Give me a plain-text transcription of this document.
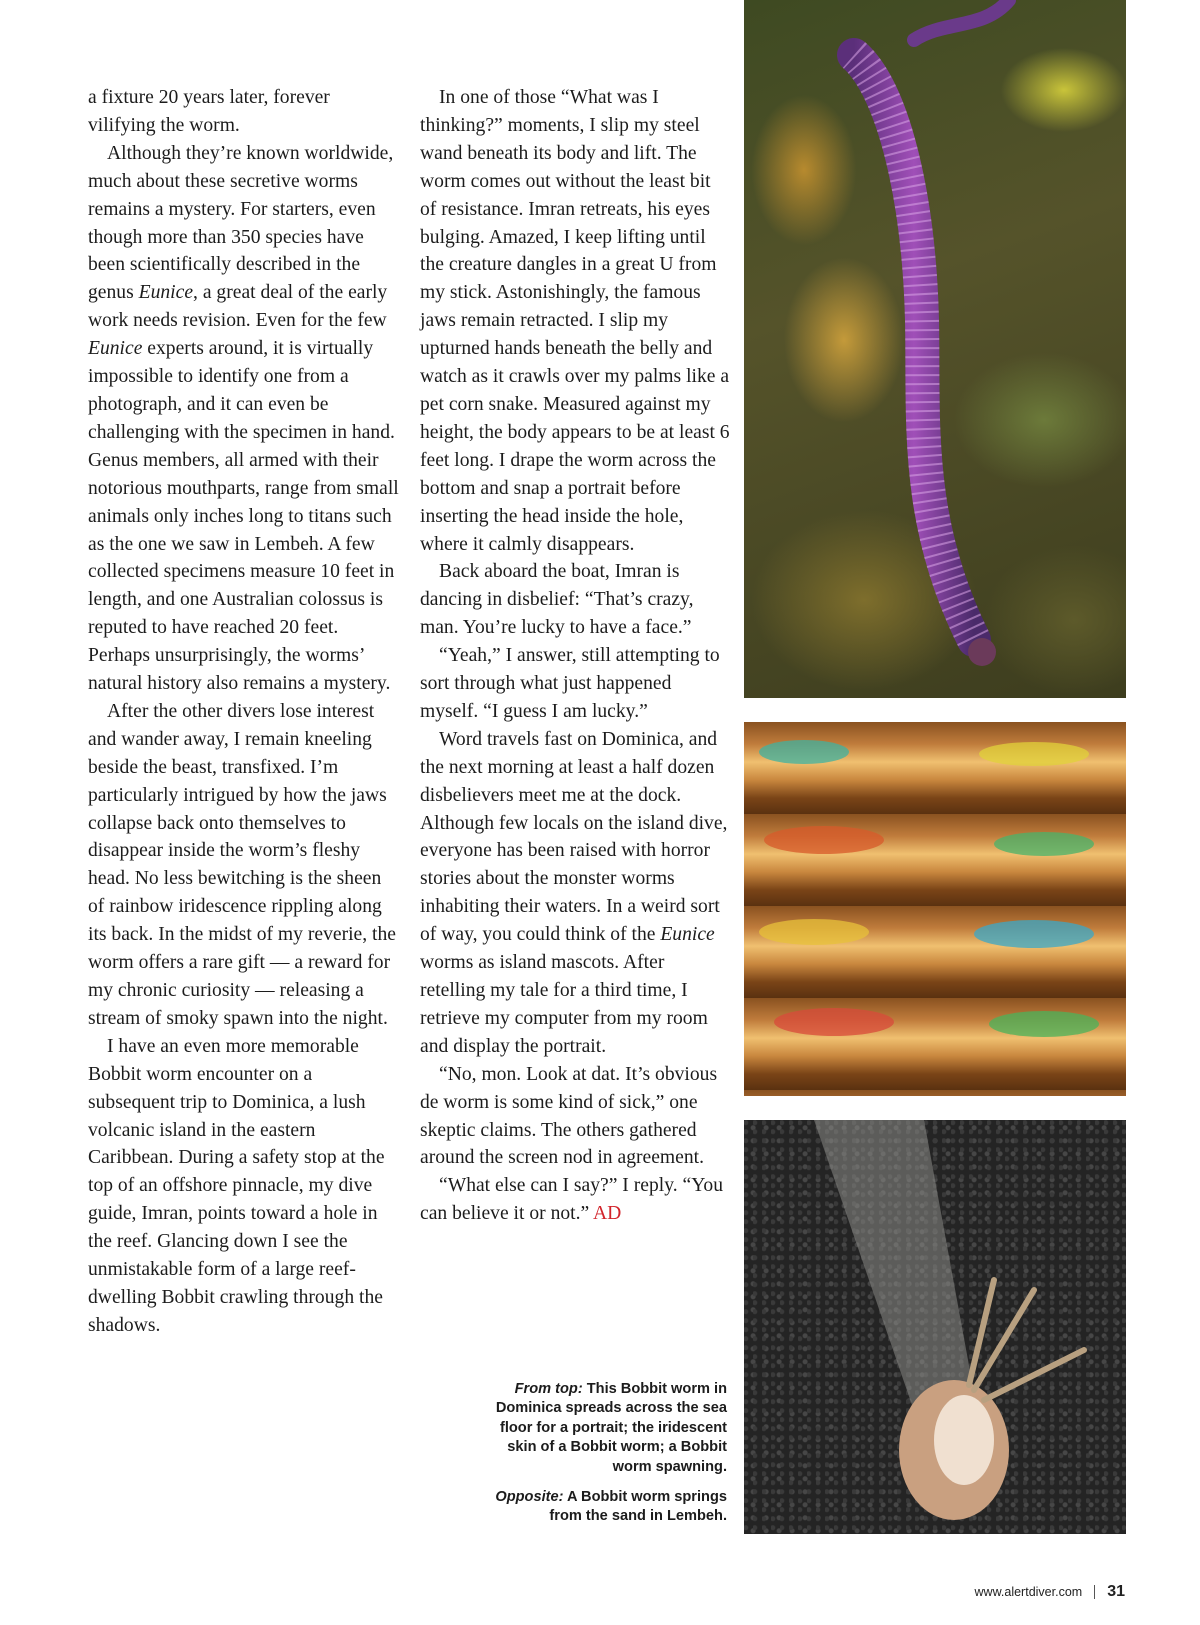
a fixture 20 years later, forever vilifying the worm.

Although they’re known worldwide, much about these secretive worms remains a mystery. For starters, even though more than 350 species have been scientifically described in the genus Eunice, a great deal of the early work needs revision. Even for the few Eunice experts around, it is virtually impossible to identify one from a photograph, and it can even be challenging with the specimen in hand. Genus members, all armed with their notorious mouthparts, range from small animals only inches long to titans such as the one we saw in Lembeh. A few collected specimens measure 10 feet in length, and one Australian colossus is reputed to have reached 20 feet. Perhaps unsurprisingly, the worms’ natural history also remains a mystery.

After the other divers lose interest and wander away, I remain kneeling beside the beast, transfixed. I’m particularly intrigued by how the jaws collapse back onto themselves to disappear inside the worm’s fleshy head. No less bewitching is the sheen of rainbow iridescence rippling along its back. In the midst of my reverie, the worm offers a rare gift — a reward for my chronic curiosity — releasing a stream of smoky spawn into the night.

I have an even more memorable Bobbit worm encounter on a subsequent trip to Dominica, a lush volcanic island in the eastern Caribbean. During a safety stop at the top of an offshore pinnacle, my dive guide, Imran, points toward a hole in the reef. Glancing down I see the unmistakable form of a large reef-dwelling Bobbit crawling through the shadows.

In one of those “What was I thinking?” moments, I slip my steel wand beneath its body and lift. The worm comes out without the least bit of resistance. Imran retreats, his eyes bulging. Amazed, I keep lifting until the creature dangles in a great U from my stick. Astonishingly, the famous jaws remain retracted. I slip my upturned hands beneath the belly and watch as it crawls over my palms like a pet corn snake. Measured against my height, the body appears to be at least 6 feet long. I drape the worm across the bottom and snap a portrait before inserting the head inside the hole, where it calmly disappears.

Back aboard the boat, Imran is dancing in disbelief: “That’s crazy, man. You’re lucky to have a face.”

“Yeah,” I answer, still attempting to sort through what just happened myself. “I guess I am lucky.”

Word travels fast on Dominica, and the next morning at least a half dozen disbelievers meet me at the dock. Although few locals on the island dive, everyone has been raised with horror stories about the monster worms inhabiting their waters. In a weird sort of way, you could think of the Eunice worms as island mascots. After retelling my tale for a third time, I retrieve my computer from my room and display the portrait.

“No, mon. Look at dat. It’s obvious de worm is some kind of sick,” one skeptic claims. The others gathered around the screen nod in agreement.

“What else can I say?” I reply. “You can believe it or not.” AD

From top: This Bobbit worm in Dominica spreads across the sea floor for a portrait; the iridescent skin of a Bobbit worm; a Bobbit worm spawning.

Opposite: A Bobbit worm springs from the sand in Lembeh.

www.alertdiver.com 31
